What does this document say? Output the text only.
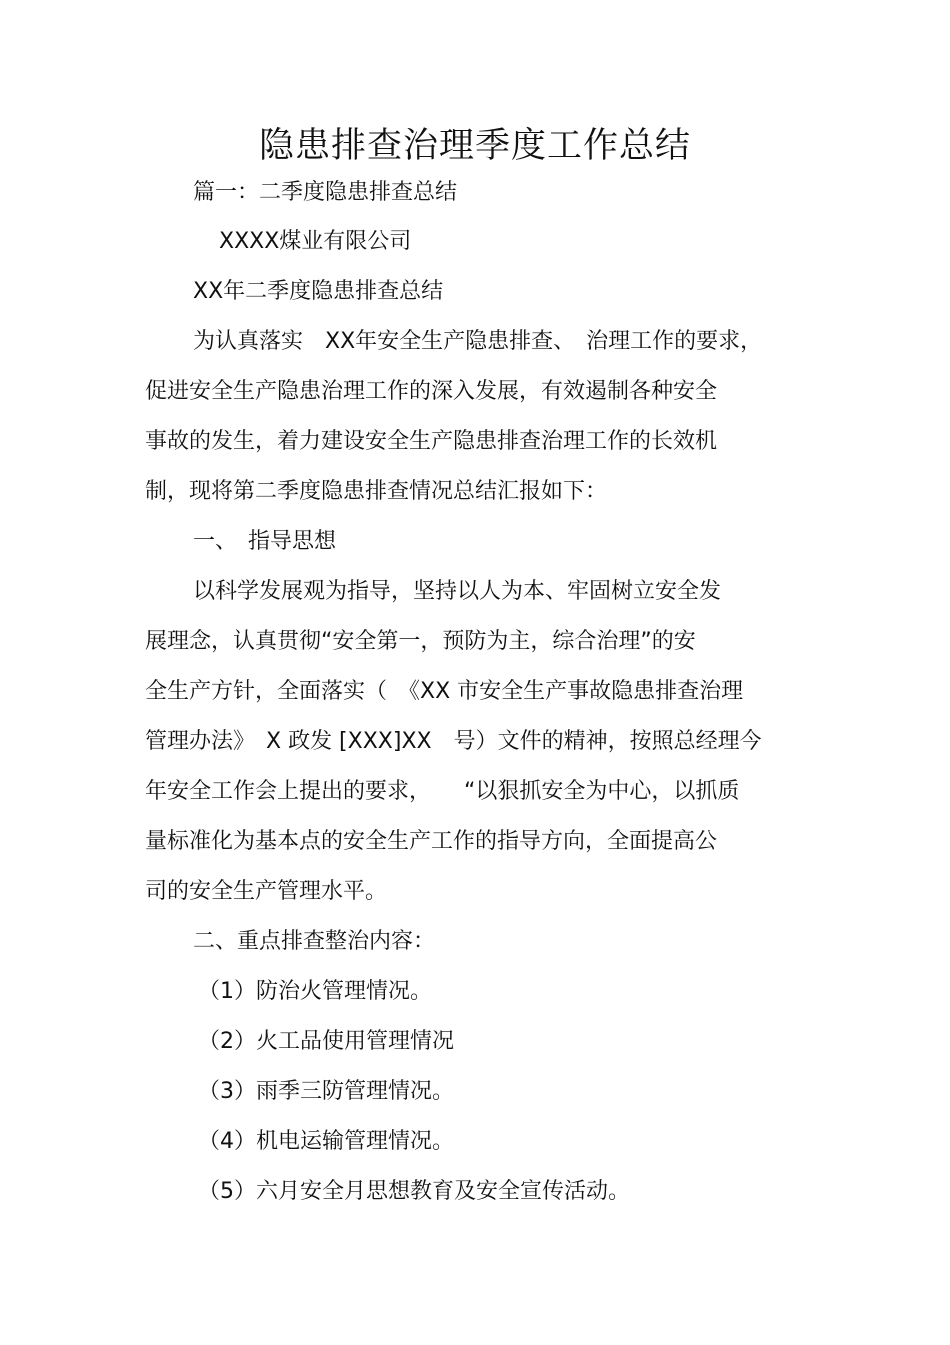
隐患排查治理季度工作总结
篇一：二季度隐患排查总结
XXXX煤业有限公司
XX年二季度隐患排查总结
为认真落实　XX年安全生产隐患排查、　治理工作的要求，
促进安全生产隐患治理工作的深入发展，有效遏制各种安全
事故的发生，着力建设安全生产隐患排查治理工作的长效机
制，现将第二季度隐患排查情况总结汇报如下：
一、　指导思想
以科学发展观为指导，坚持以人为本、牢固树立安全发
展理念，认真贯彻“安全第一，预防为主，综合治理”的安
全生产方针，全面落实（　《XX 市安全生产事故隐患排查治理
管理办法》　X 政发 [XXX]XX　号）文件的精神，按照总经理今
年安全工作会上提出的要求，　　“以狠抓安全为中心，以抓质
量标准化为基本点的安全生产工作的指导方向，全面提高公
司的安全生产管理水平。
二、重点排查整治内容：
（1）防治火管理情况。
（2）火工品使用管理情况
（3）雨季三防管理情况。
（4）机电运输管理情况。
（5）六月安全月思想教育及安全宣传活动。
